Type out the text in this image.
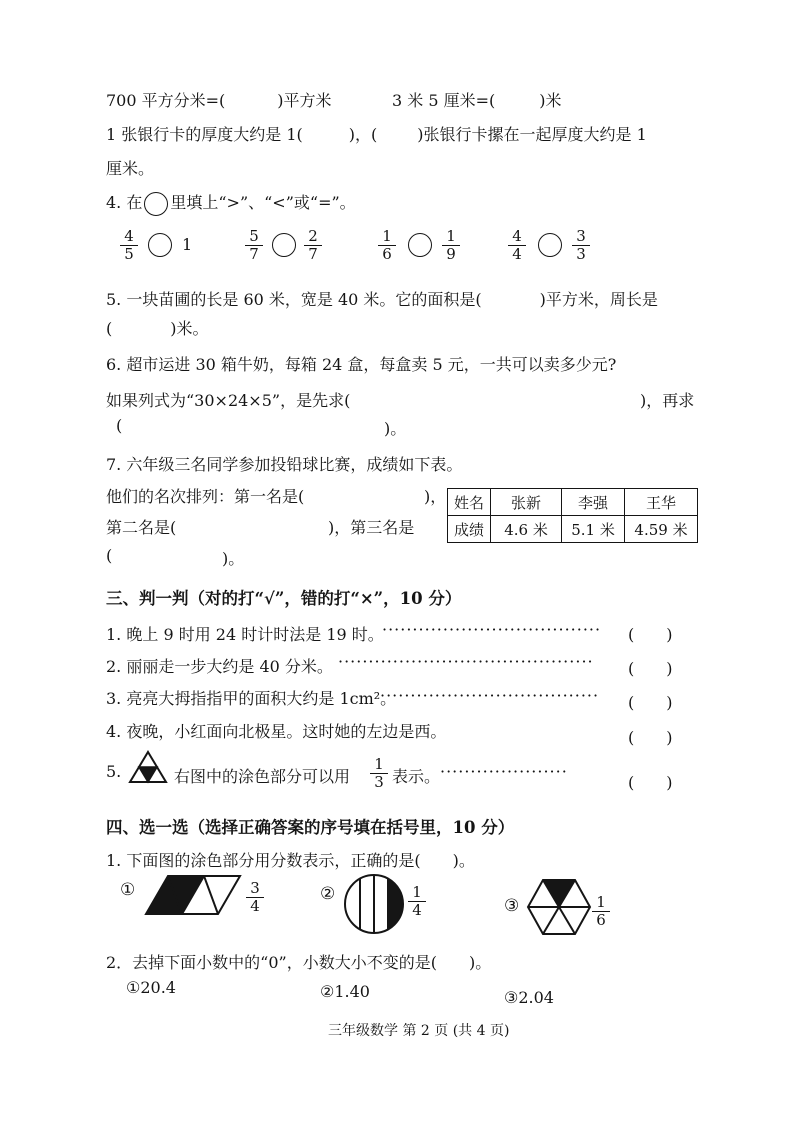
700 平方分米=(	)平方米	3 米 5 厘米=(	)米
1 张银行卡的厚度大约是 1(	)，(	)张银行卡摞在一起厚度大约是 1
厘米。
4. 在 里填上“>”、“<”或“=”。
$\frac{4}{5}$	1	$\frac{5}{7}$	$\frac{2}{7}$	$\frac{1}{6}$	$\frac{1}{9}$	$\frac{4}{4}$	$\frac{3}{3}$
5. 一块苗圃的长是 60 米，宽是 40 米。它的面积是(	)平方米，周长是
(	)米。
6. 超市运进 30 箱牛奶，每箱 24 盒，每盒卖 5 元，一共可以卖多少元?
如果列式为“30×24×5”，是先求(	)，再求
(	)。
7. 六年级三名同学参加投铅球比赛，成绩如下表。
他们的名次排列：第一名是(	)，
第二名是(	)，第三名是
(	)。
姓名	张新	李强	王华
成绩	4.6 米	5.1 米	4.59 米
三、判一判（对的打“√”，错的打“×”，10 分）
1. 晚上 9 时用 24 时计时法是 19 时。
···································· (　　)
2. 丽丽走一步大约是 40 分米。 ·········································· (　　)
3. 亮亮大拇指指甲的面积大约是 1cm²。
···································· (　　)
4. 夜晚，小红面向北极星。这时她的左边是西。	(　　)
5.	右图中的涂色部分可以用 $\frac{1}{3}$ 表示。 ·····················
(　　)
四、选一选（选择正确答案的序号填在括号里，10 分）
1. 下面图的涂色部分用分数表示，正确的是(　　)。
①	$\frac{3}{4}$	②	$\frac{1}{4}$	③	$\frac{1}{6}$
2．去掉下面小数中的“0”，小数大小不变的是(　　)。
①20.4	②1.40	③2.04
三年级数学 第 2 页 (共 4 页)
